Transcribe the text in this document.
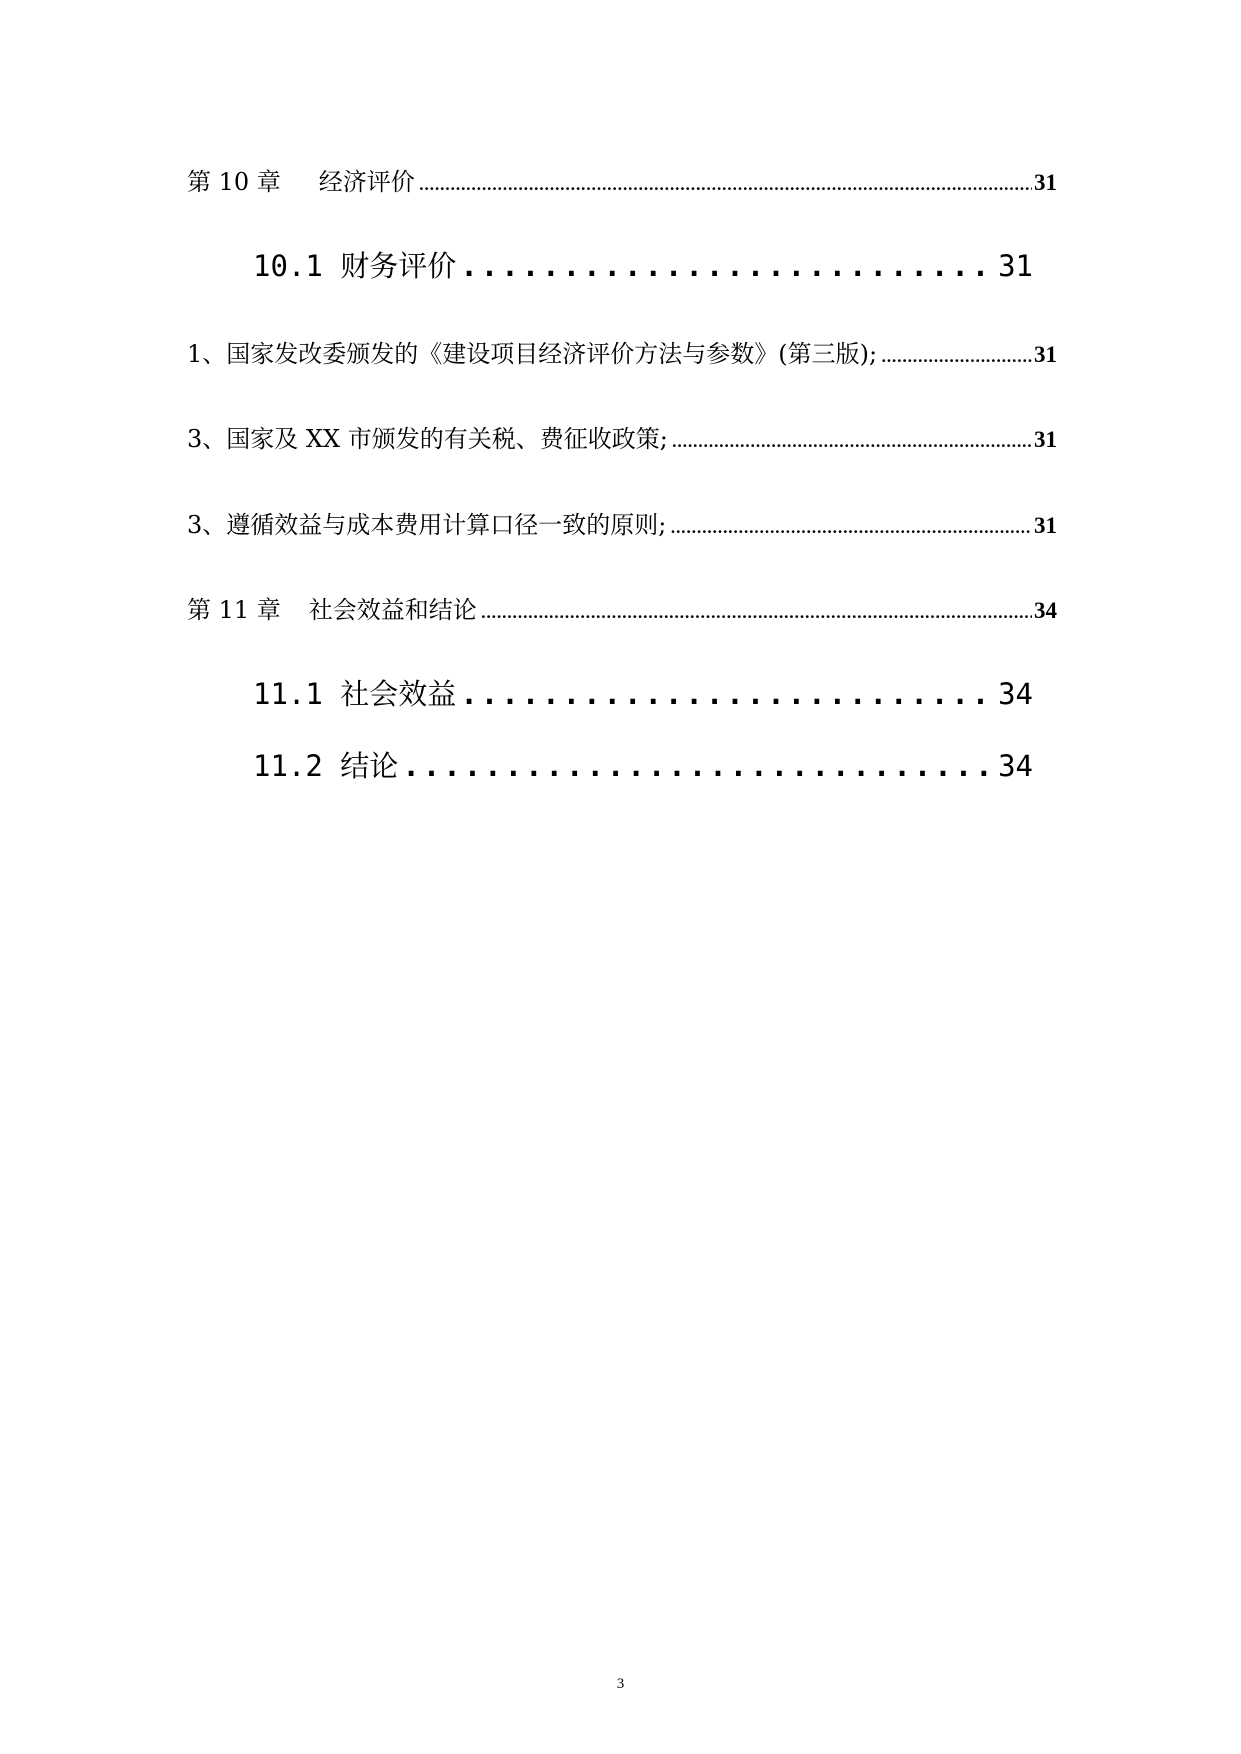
第 10 章 经济评价 .....	31
10.1 财务评价 .....	31
1、国家发改委颁发的《建设项目经济评价方法与参数》(第三版); .....	31
3、国家及 XX 市颁发的有关税、费征收政策; .....	31
3、遵循效益与成本费用计算口径一致的原则; .....	31
第 11 章 社会效益和结论 .....	34
11.1 社会效益 .....	34
11.2 结论 .....	34
3
